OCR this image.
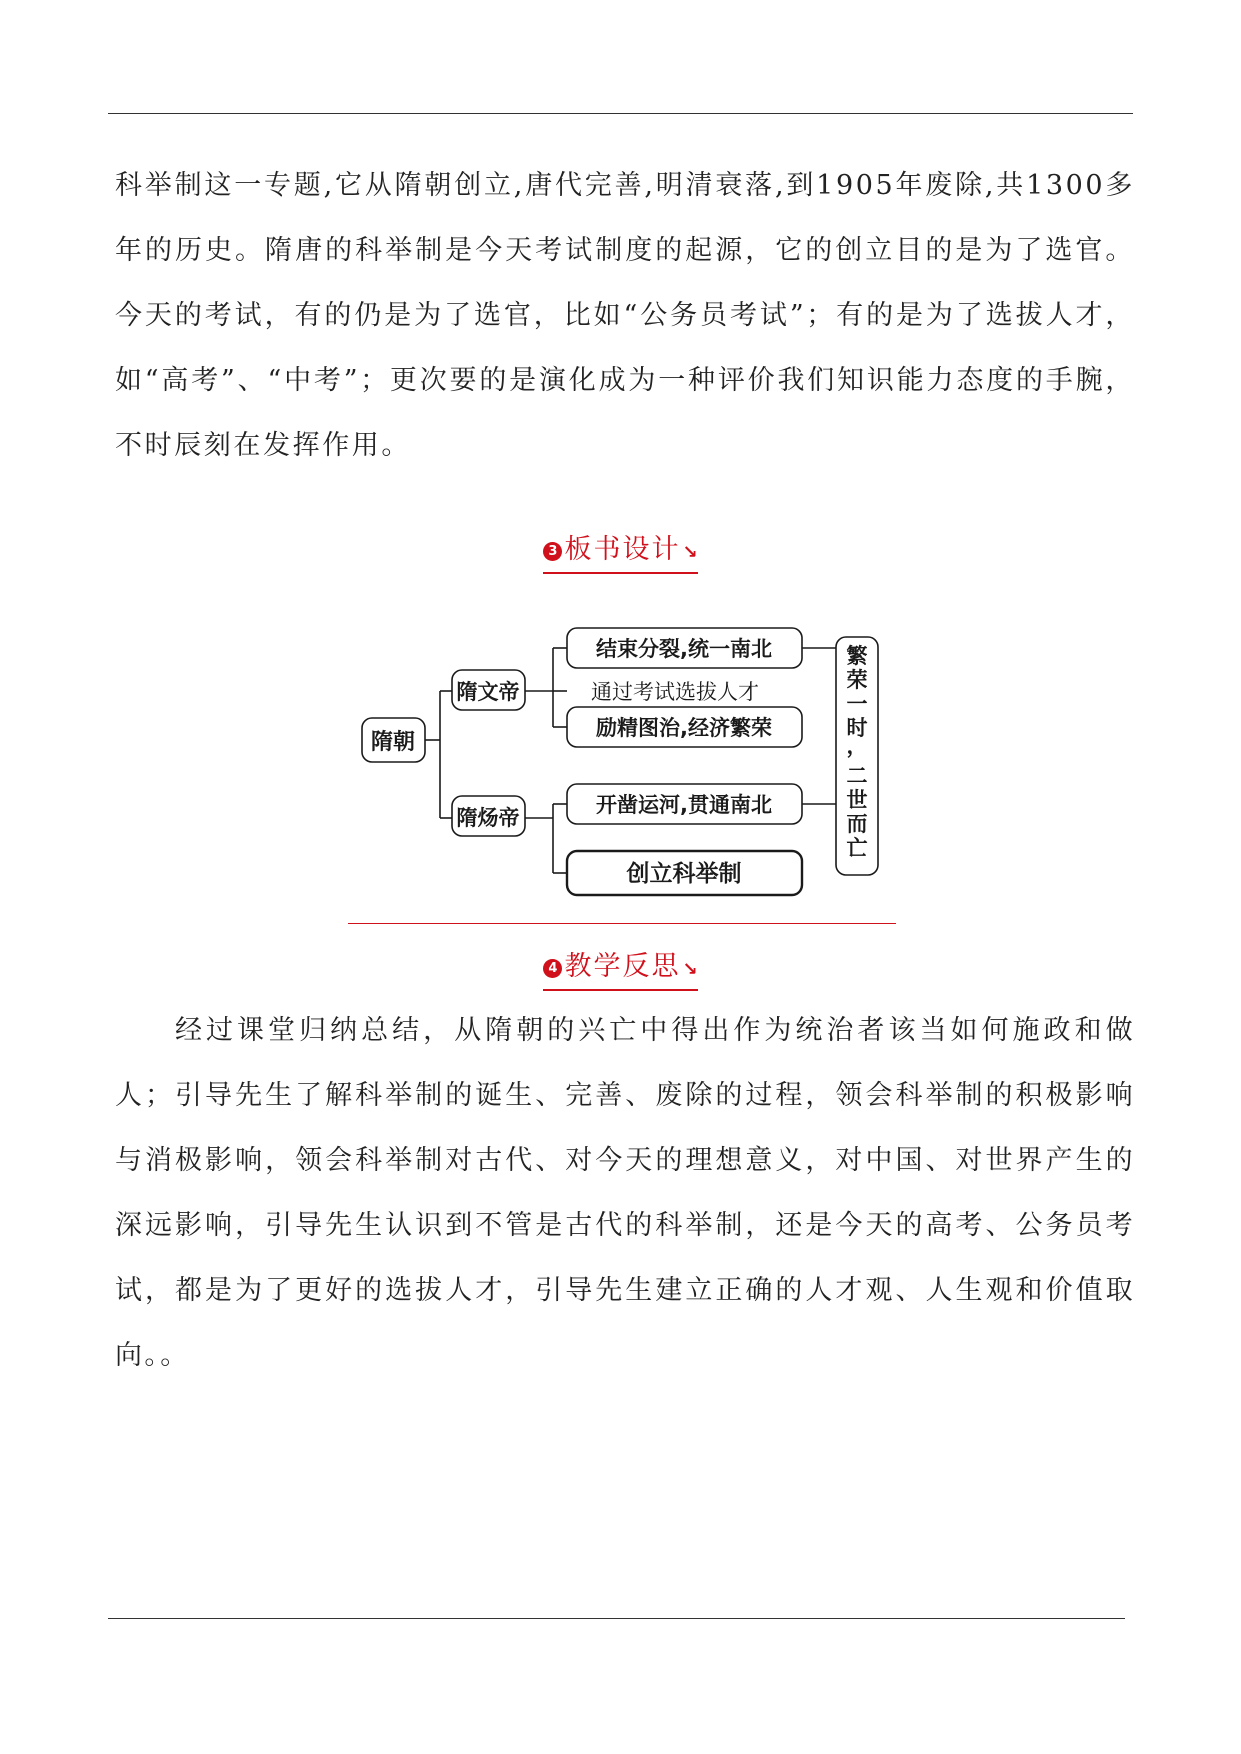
科举制这一专题,它从隋朝创立,唐代完善,明清衰落,到1905年废除,共1300多年的历史。隋唐的科举制是今天考试制度的起源，它的创立目的是为了选官。今天的考试，有的仍是为了选官，比如“公务员考试”；有的是为了选拔人才，如“高考”、“中考”；更次要的是演化成为一种评价我们知识能力态度的手腕，不时辰刻在发挥作用。

3 板书设计 ↘
隋朝
隋文帝
隋炀帝
结束分裂,统一南北
通过考试选拔人才
励精图治,经济繁荣
开凿运河,贯通南北
创立科举制
繁
荣
一
时
，
二
世
而
亡
4 教学反思 ↘

经过课堂归纳总结，从隋朝的兴亡中得出作为统治者该当如何施政和做人；引导先生了解科举制的诞生、完善、废除的过程，领会科举制的积极影响与消极影响，领会科举制对古代、对今天的理想意义，对中国、对世界产生的深远影响，引导先生认识到不管是古代的科举制，还是今天的高考、公务员考试，都是为了更好的选拔人才，引导先生建立正确的人才观、人生观和价值取向。。
